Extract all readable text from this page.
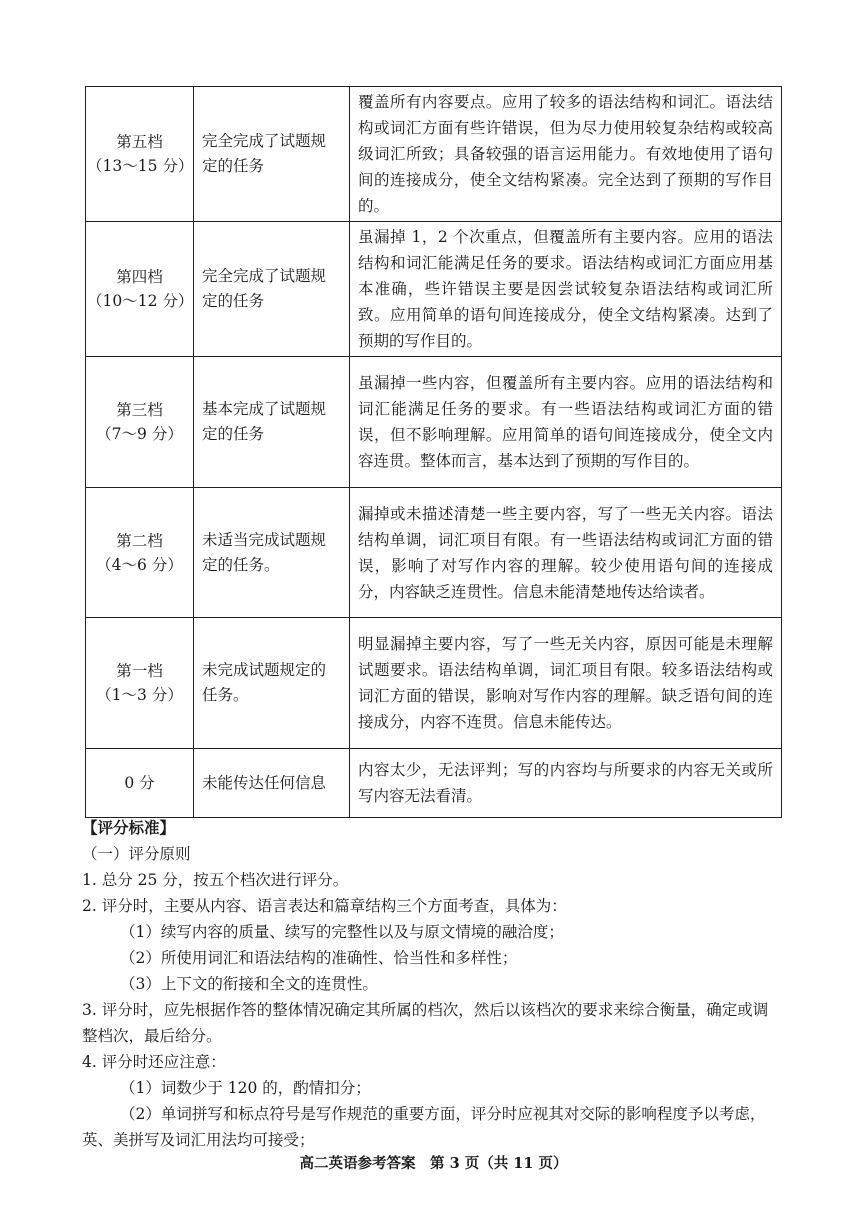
第五档
（13～15 分）	完全完成了试题规定的任务	覆盖所有内容要点。应用了较多的语法结构和词汇。语法结构或词汇方面有些许错误，但为尽力使用较复杂结构或较高级词汇所致；具备较强的语言运用能力。有效地使用了语句间的连接成分，使全文结构紧凑。完全达到了预期的写作目的。

第四档
（10～12 分）	完全完成了试题规定的任务	虽漏掉 1，2 个次重点，但覆盖所有主要内容。应用的语法结构和词汇能满足任务的要求。语法结构或词汇方面应用基本准确，些许错误主要是因尝试较复杂语法结构或词汇所致。应用简单的语句间连接成分，使全文结构紧凑。达到了预期的写作目的。

第三档
（7～9 分）	基本完成了试题规定的任务	虽漏掉一些内容，但覆盖所有主要内容。应用的语法结构和词汇能满足任务的要求。有一些语法结构或词汇方面的错误，但不影响理解。应用简单的语句间连接成分，使全文内容连贯。整体而言，基本达到了预期的写作目的。

第二档
（4～6 分）	未适当完成试题规定的任务。	漏掉或未描述清楚一些主要内容，写了一些无关内容。语法结构单调，词汇项目有限。有一些语法结构或词汇方面的错误，影响了对写作内容的理解。较少使用语句间的连接成分，内容缺乏连贯性。信息未能清楚地传达给读者。

第一档
（1～3 分）	未完成试题规定的任务。	明显漏掉主要内容，写了一些无关内容，原因可能是未理解试题要求。语法结构单调，词汇项目有限。较多语法结构或词汇方面的错误，影响对写作内容的理解。缺乏语句间的连接成分，内容不连贯。信息未能传达。

0 分	未能传达任何信息	内容太少，无法评判；写的内容均与所要求的内容无关或所写内容无法看清。
【评分标准】
（一）评分原则
1. 总分 25 分，按五个档次进行评分。
2. 评分时，主要从内容、语言表达和篇章结构三个方面考查，具体为：
（1）续写内容的质量、续写的完整性以及与原文情境的融洽度；
（2）所使用词汇和语法结构的准确性、恰当性和多样性；
（3）上下文的衔接和全文的连贯性。
3. 评分时，应先根据作答的整体情况确定其所属的档次，然后以该档次的要求来综合衡量，确定或调整档次，最后给分。
4. 评分时还应注意：
（1）词数少于 120 的，酌情扣分；
（2）单词拼写和标点符号是写作规范的重要方面，评分时应视其对交际的影响程度予以考虑，英、美拼写及词汇用法均可接受；
高二英语参考答案　第 3 页（共 11 页）
